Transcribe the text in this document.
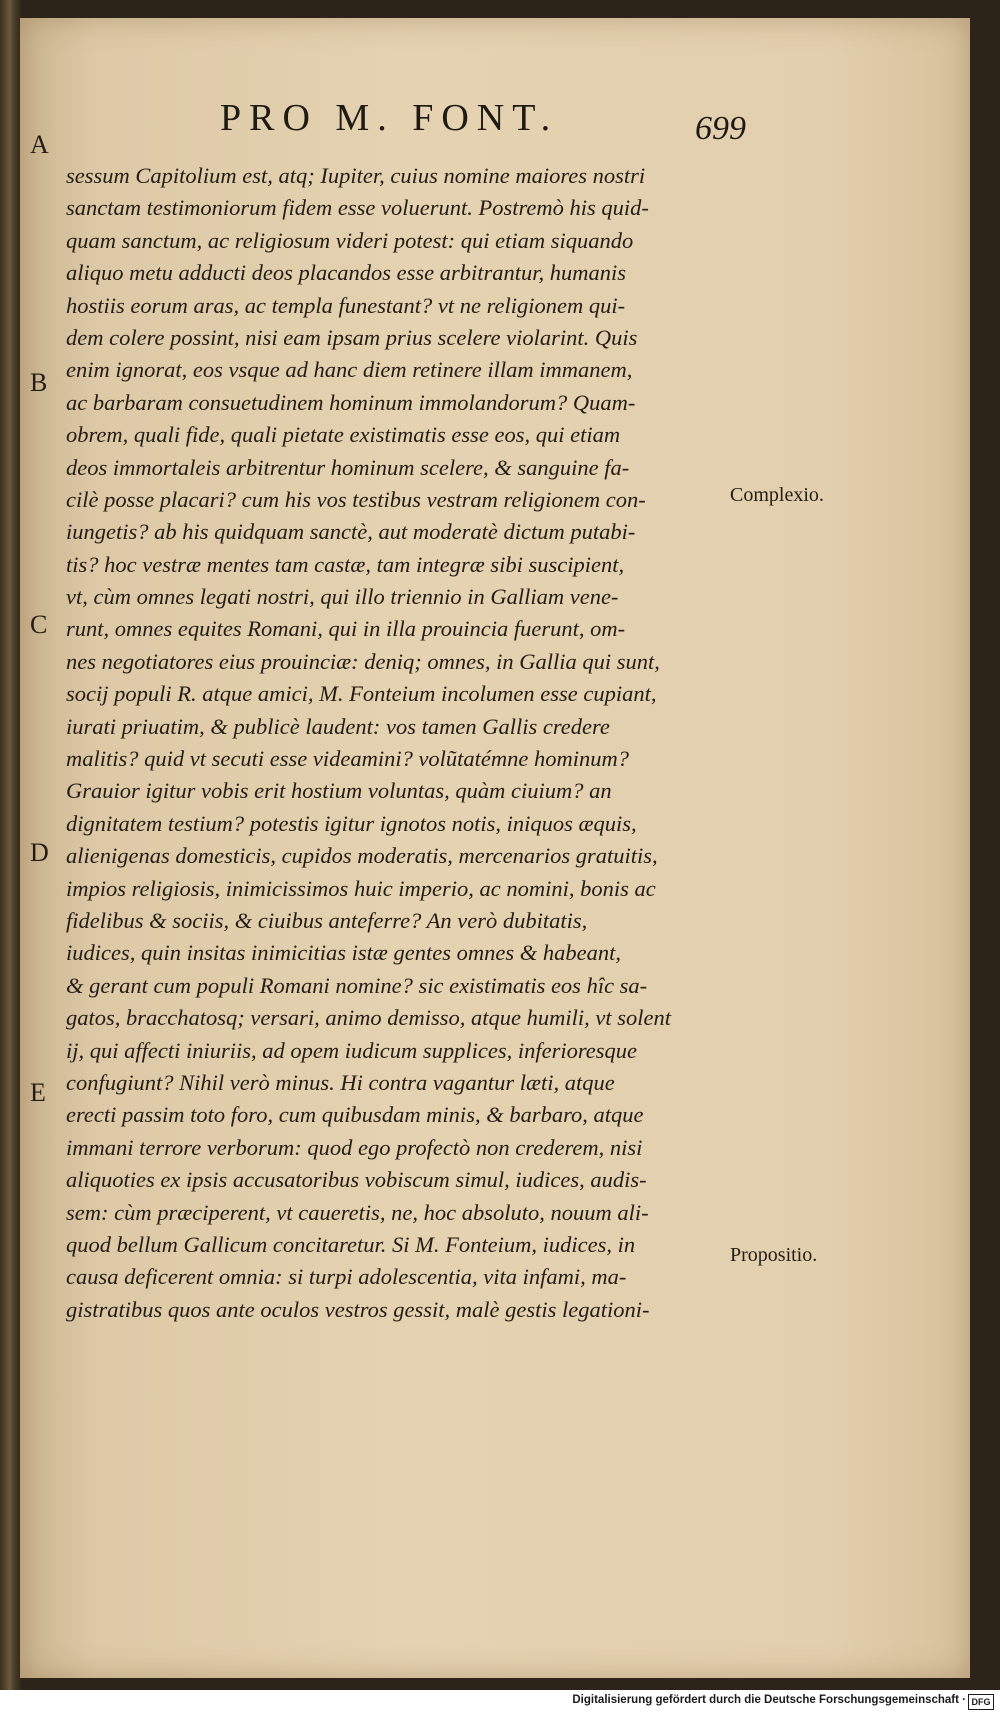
PRO M. FONT.	699
A
B
C
D
E
sessum Capitolium est, atq; Iupiter, cuius nomine maiores nostri
sanctam testimoniorum fidem esse voluerunt. Postremò his quid-
quam sanctum, ac religiosum videri potest: qui etiam siquando
aliquo metu adducti deos placandos esse arbitrantur, humanis
hostiis eorum aras, ac templa funestant? vt ne religionem qui-
dem colere possint, nisi eam ipsam prius scelere violarint. Quis
enim ignorat, eos vsque ad hanc diem retinere illam immanem,
ac barbaram consuetudinem hominum immolandorum? Quam-
obrem, quali fide, quali pietate existimatis esse eos, qui etiam
deos immortaleis arbitrentur hominum scelere, & sanguine fa-
cilè posse placari? cum his vos testibus vestram religionem con-
iungetis? ab his quidquam sanctè, aut moderatè dictum putabi-
tis? hoc vestræ mentes tam castæ, tam integræ sibi suscipient,
vt, cùm omnes legati nostri, qui illo triennio in Galliam vene-
runt, omnes equites Romani, qui in illa prouincia fuerunt, om-
nes negotiatores eius prouinciæ: deniq; omnes, in Gallia qui sunt,
socij populi R. atque amici, M. Fonteium incolumen esse cupiant,
iurati priuatim, & publicè laudent: vos tamen Gallis credere
malitis? quid vt secuti esse videamini? volũtatémne hominum?
Grauior igitur vobis erit hostium voluntas, quàm ciuium? an
dignitatem testium? potestis igitur ignotos notis, iniquos æquis,
alienigenas domesticis, cupidos moderatis, mercenarios gratuitis,
impios religiosis, inimicissimos huic imperio, ac nomini, bonis ac
fidelibus & sociis, & ciuibus anteferre? An verò dubitatis,
iudices, quin insitas inimicitias istæ gentes omnes & habeant,
& gerant cum populi Romani nomine? sic existimatis eos hîc sa-
gatos, bracchatosq; versari, animo demisso, atque humili, vt solent
ij, qui affecti iniuriis, ad opem iudicum supplices, inferioresque
confugiunt? Nihil verò minus. Hi contra vagantur læti, atque
erecti passim toto foro, cum quibusdam minis, & barbaro, atque
immani terrore verborum: quod ego profectò non crederem, nisi
aliquoties ex ipsis accusatoribus vobiscum simul, iudices, audis-
sem: cùm præciperent, vt caueretis, ne, hoc absoluto, nouum ali-
quod bellum Gallicum concitaretur. Si M. Fonteium, iudices, in
causa deficerent omnia: si turpi adolescentia, vita infami, ma-
gistratibus quos ante oculos vestros gessit, malè gestis legationi-
Complexio.
Propositio.
Digitalisierung gefördert durch die Deutsche Forschungsgemeinschaft · DFG
